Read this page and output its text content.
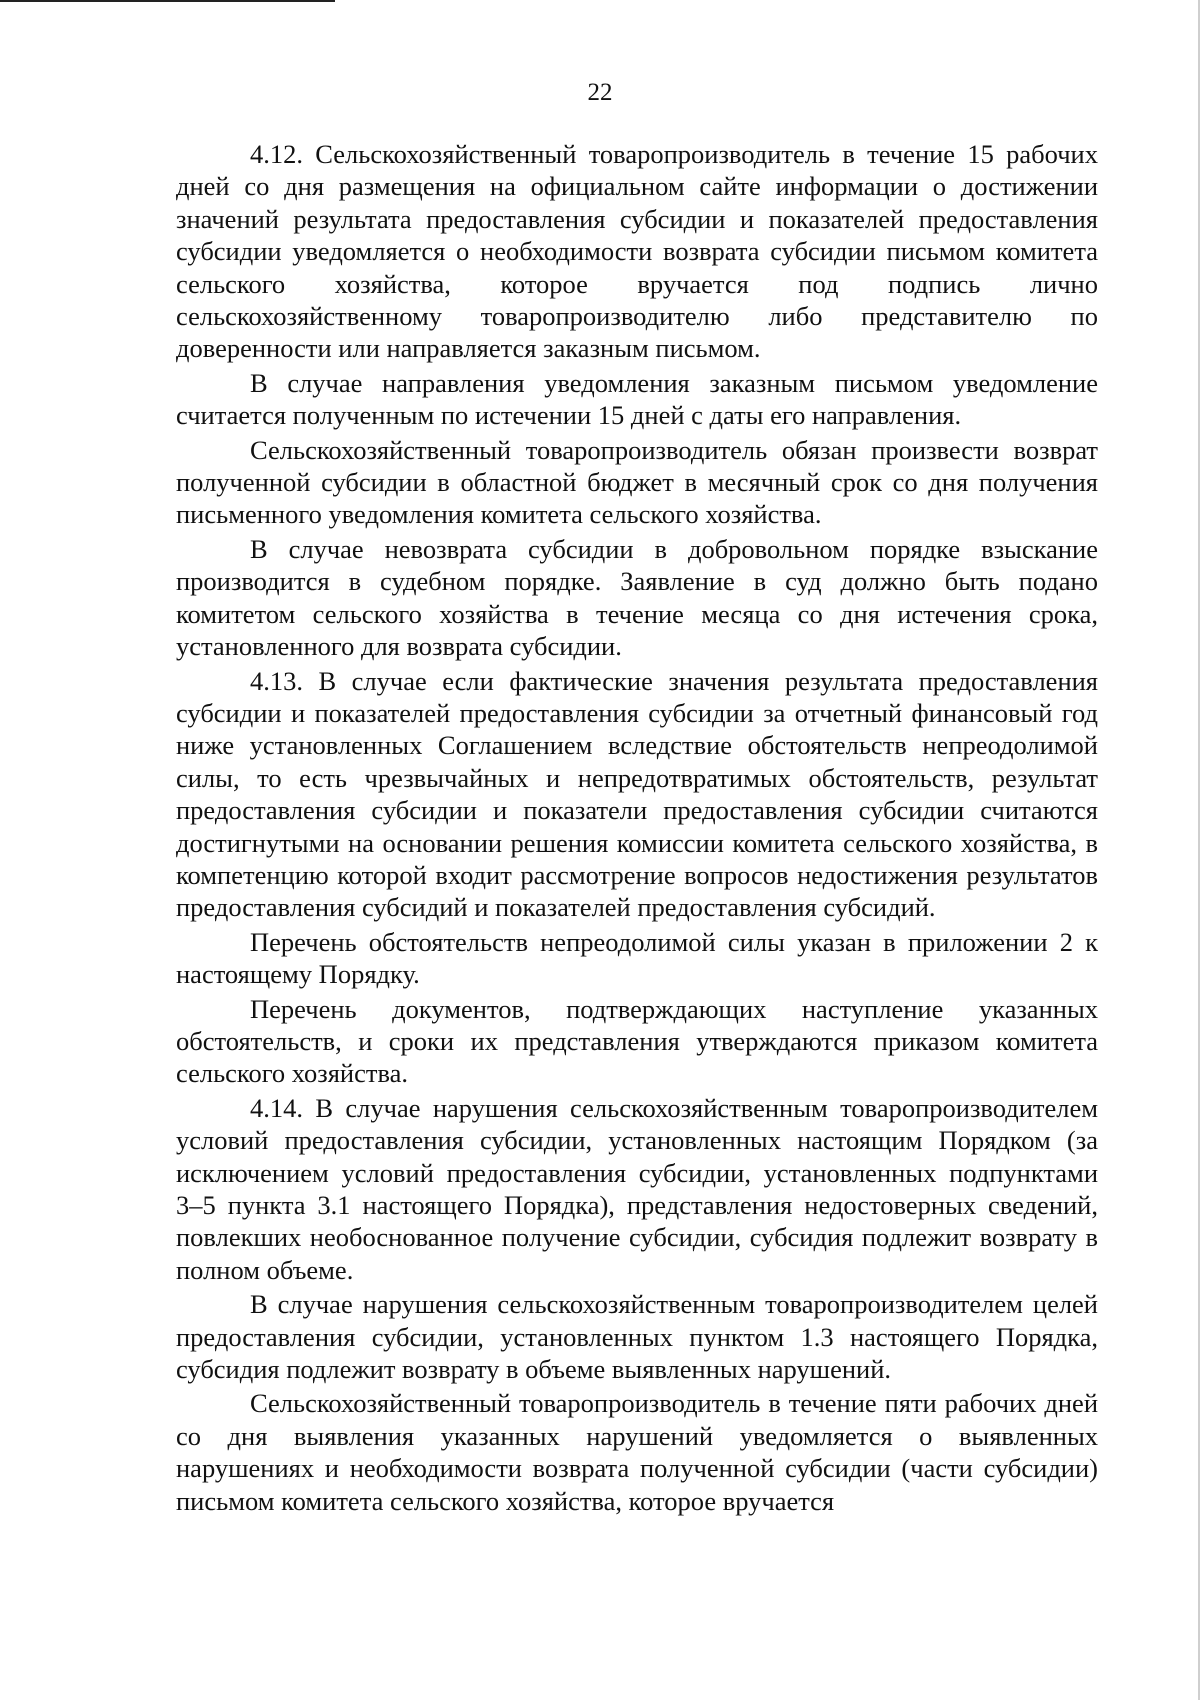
22

4.12. Сельскохозяйственный товаропроизводитель в течение 15 рабочих дней со дня размещения на официальном сайте информации о достижении значений результата предоставления субсидии и показателей предоставления субсидии уведомляется о необходимости возврата субсидии письмом комитета сельского хозяйства, которое вручается под подпись лично сельскохозяйственному товаропроизводителю либо представителю по доверенности или направляется заказным письмом.

В случае направления уведомления заказным письмом уведомление считается полученным по истечении 15 дней с даты его направления.

Сельскохозяйственный товаропроизводитель обязан произвести возврат полученной субсидии в областной бюджет в месячный срок со дня получения письменного уведомления комитета сельского хозяйства.

В случае невозврата субсидии в добровольном порядке взыскание производится в судебном порядке. Заявление в суд должно быть подано комитетом сельского хозяйства в течение месяца со дня истечения срока, установленного для возврата субсидии.

4.13. В случае если фактические значения результата предоставления субсидии и показателей предоставления субсидии за отчетный финансовый год ниже установленных Соглашением вследствие обстоятельств непреодолимой силы, то есть чрезвычайных и непредотвратимых обстоятельств, результат предоставления субсидии и показатели предоставления субсидии считаются достигнутыми на основании решения комиссии комитета сельского хозяйства, в компетенцию которой входит рассмотрение вопросов недостижения результатов предоставления субсидий и показателей предоставления субсидий.

Перечень обстоятельств непреодолимой силы указан в приложении 2 к настоящему Порядку.

Перечень документов, подтверждающих наступление указанных обстоятельств, и сроки их представления утверждаются приказом комитета сельского хозяйства.

4.14. В случае нарушения сельскохозяйственным товаропроизводителем условий предоставления субсидии, установленных настоящим Порядком (за исключением условий предоставления субсидии, установленных подпунктами 3–5 пункта 3.1 настоящего Порядка), представления недостоверных сведений, повлекших необоснованное получение субсидии, субсидия подлежит возврату в полном объеме.

В случае нарушения сельскохозяйственным товаропроизводителем целей предоставления субсидии, установленных пунктом 1.3 настоящего Порядка, субсидия подлежит возврату в объеме выявленных нарушений.

Сельскохозяйственный товаропроизводитель в течение пяти рабочих дней со дня выявления указанных нарушений уведомляется о выявленных нарушениях и необходимости возврата полученной субсидии (части субсидии) письмом комитета сельского хозяйства, которое вручается
